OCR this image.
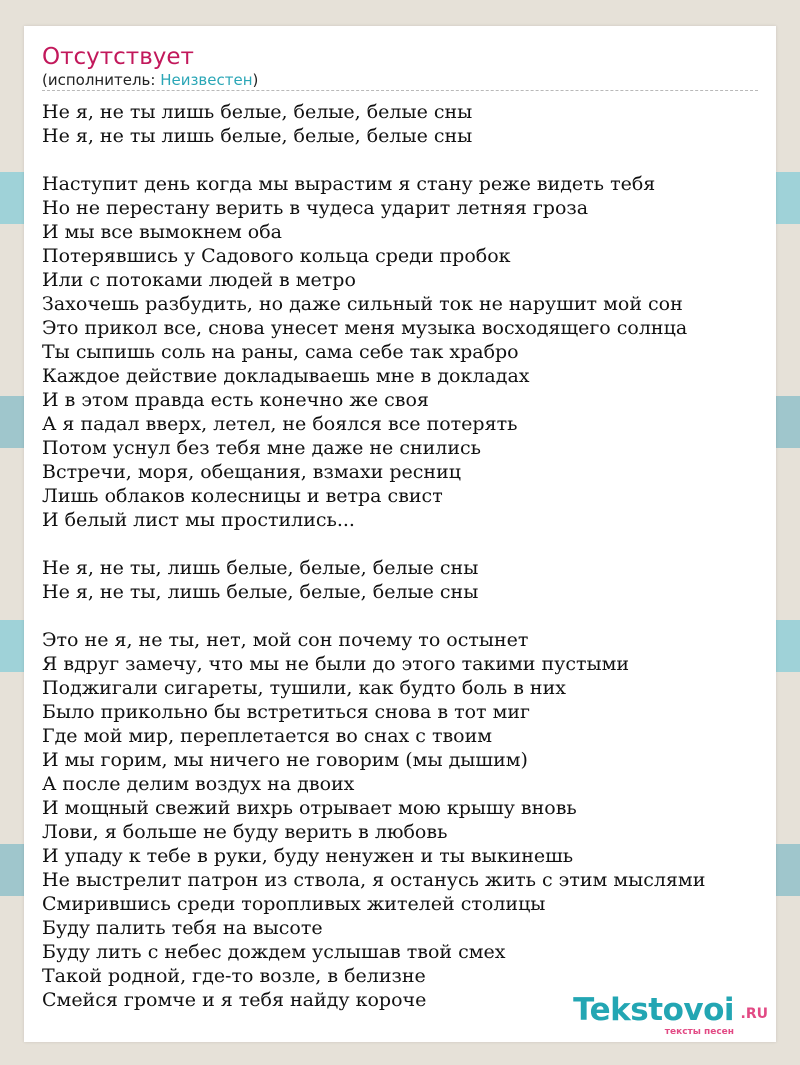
Отсутствует
(исполнитель: Неизвестен)
Не я, не ты лишь белые, белые, белые сны
Не я, не ты лишь белые, белые, белые сны
Наступит день когда мы вырастим я стану реже видеть тебя
Но не перестану верить в чудеса ударит летняя гроза
И мы все вымокнем оба
Потерявшись у Садового кольца среди пробок
Или с потоками людей в метро
Захочешь разбудить, но даже сильный ток не нарушит мой сон
Это прикол все, снова унесет меня музыка восходящего солнца
Ты сыпишь соль на раны, сама себе так храбро
Каждое действие докладываешь мне в докладах
И в этом правда есть конечно же своя
А я падал вверх, летел, не боялся все потерять
Потом уснул без тебя мне даже не снились
Встречи, моря, обещания, взмахи ресниц
Лишь облаков колесницы и ветра свист
И белый лист мы простились...
Не я, не ты, лишь белые, белые, белые сны
Не я, не ты, лишь белые, белые, белые сны
Это не я, не ты, нет, мой сон почему то остынет
Я вдруг замечу, что мы не были до этого такими пустыми
Поджигали сигареты, тушили, как будто боль в них
Было прикольно бы встретиться снова в тот миг
Где мой мир, переплетается во снах с твоим
И мы горим, мы ничего не говорим (мы дышим)
А после делим воздух на двоих
И мощный свежий вихрь отрывает мою крышу вновь
Лови, я больше не буду верить в любовь
И упаду к тебе в руки, буду ненужен и ты выкинешь
Не выстрелит патрон из ствола, я останусь жить с этим мыслями
Смирившись среди торопливых жителей столицы
Буду палить тебя на высоте
Буду лить с небес дождем услышав твой смех
Такой родной, где-то возле, в белизне
Смейся громче и я тебя найду короче	Tekstovoi .RU
тексты песен
